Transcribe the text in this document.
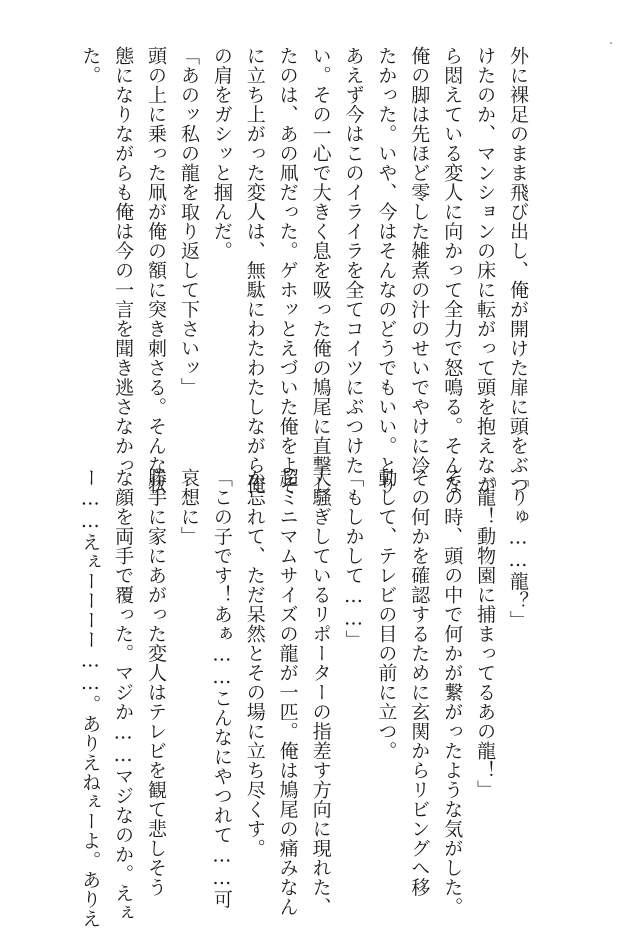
外に裸足のまま飛び出し、俺が開けた扉に頭をぶつ
けたのか、マンションの床に転がって頭を抱えなが
ら悶えている変人に向かって全力で怒鳴る。そんな
俺の脚は先ほど零した雑煮の汁のせいでやけに冷
たかった。いや、今はそんなのどうでもいい。とり
あえず今はこのイライラを全てコイツにぶつけた
い。その一心で大きく息を吸った俺の鳩尾に直撃し
たのは、あの凧だった。ゲホッとえづいた俺をよそ
に立ち上がった変人は、無駄にわたわたしながら俺
の肩をガシッと掴んだ。
「あのッ私の龍を取り返して下さいッ」
頭の上に乗った凧が俺の額に突き刺さる。そんな状
態になりながらも俺は今の一言を聞き逃さなかっ
た。
「りゅ……龍？」
「龍！動物園に捕まってるあの龍！」
その時、頭の中で何かが繋がったような気がした。
その何かを確認するために玄関からリビングへ移
動して、テレビの目の前に立つ。
「もしかして……」
大騒ぎしているリポーターの指差す方向に現れた、
超ミニマムサイズの龍が一匹。俺は鳩尾の痛みなん
か忘れて、ただ呆然とその場に立ち尽くす。
「この子です！あぁ……こんなにやつれて……可
哀想に」
勝手に家にあがった変人はテレビを観て悲しそう
な顔を両手で覆った。マジか……マジなのか。えぇ
ー……えぇーーーー……。ありえねぇーよ。ありえ
